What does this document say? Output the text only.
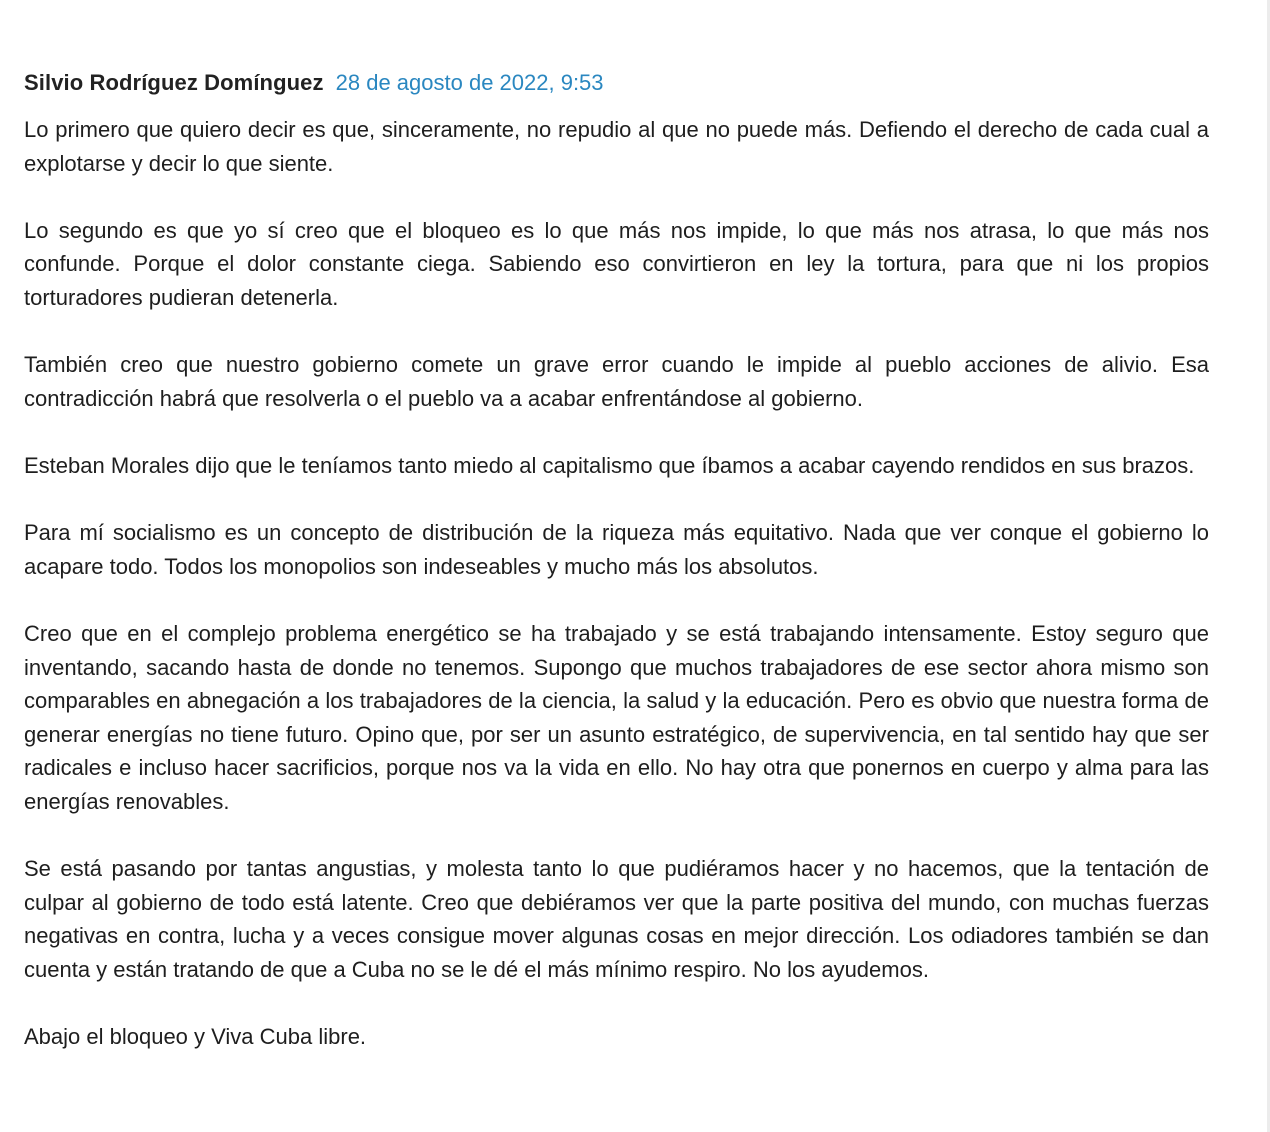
Silvio Rodríguez Domínguez 28 de agosto de 2022, 9:53

Lo primero que quiero decir es que, sinceramente, no repudio al que no puede más. Defiendo el derecho de cada cual a explotarse y decir lo que siente.

Lo segundo es que yo sí creo que el bloqueo es lo que más nos impide, lo que más nos atrasa, lo que más nos confunde. Porque el dolor constante ciega. Sabiendo eso convirtieron en ley la tortura, para que ni los propios torturadores pudieran detenerla.

También creo que nuestro gobierno comete un grave error cuando le impide al pueblo acciones de alivio. Esa contradicción habrá que resolverla o el pueblo va a acabar enfrentándose al gobierno.

Esteban Morales dijo que le teníamos tanto miedo al capitalismo que íbamos a acabar cayendo rendidos en sus brazos.

Para mí socialismo es un concepto de distribución de la riqueza más equitativo. Nada que ver conque el gobierno lo acapare todo. Todos los monopolios son indeseables y mucho más los absolutos.

Creo que en el complejo problema energético se ha trabajado y se está trabajando intensamente. Estoy seguro que inventando, sacando hasta de donde no tenemos. Supongo que muchos trabajadores de ese sector ahora mismo son comparables en abnegación a los trabajadores de la ciencia, la salud y la educación. Pero es obvio que nuestra forma de generar energías no tiene futuro. Opino que, por ser un asunto estratégico, de supervivencia, en tal sentido hay que ser radicales e incluso hacer sacrificios, porque nos va la vida en ello. No hay otra que ponernos en cuerpo y alma para las energías renovables.

Se está pasando por tantas angustias, y molesta tanto lo que pudiéramos hacer y no hacemos, que la tentación de culpar al gobierno de todo está latente. Creo que debiéramos ver que la parte positiva del mundo, con muchas fuerzas negativas en contra, lucha y a veces consigue mover algunas cosas en mejor dirección. Los odiadores también se dan cuenta y están tratando de que a Cuba no se le dé el más mínimo respiro. No los ayudemos.

Abajo el bloqueo y Viva Cuba libre.
